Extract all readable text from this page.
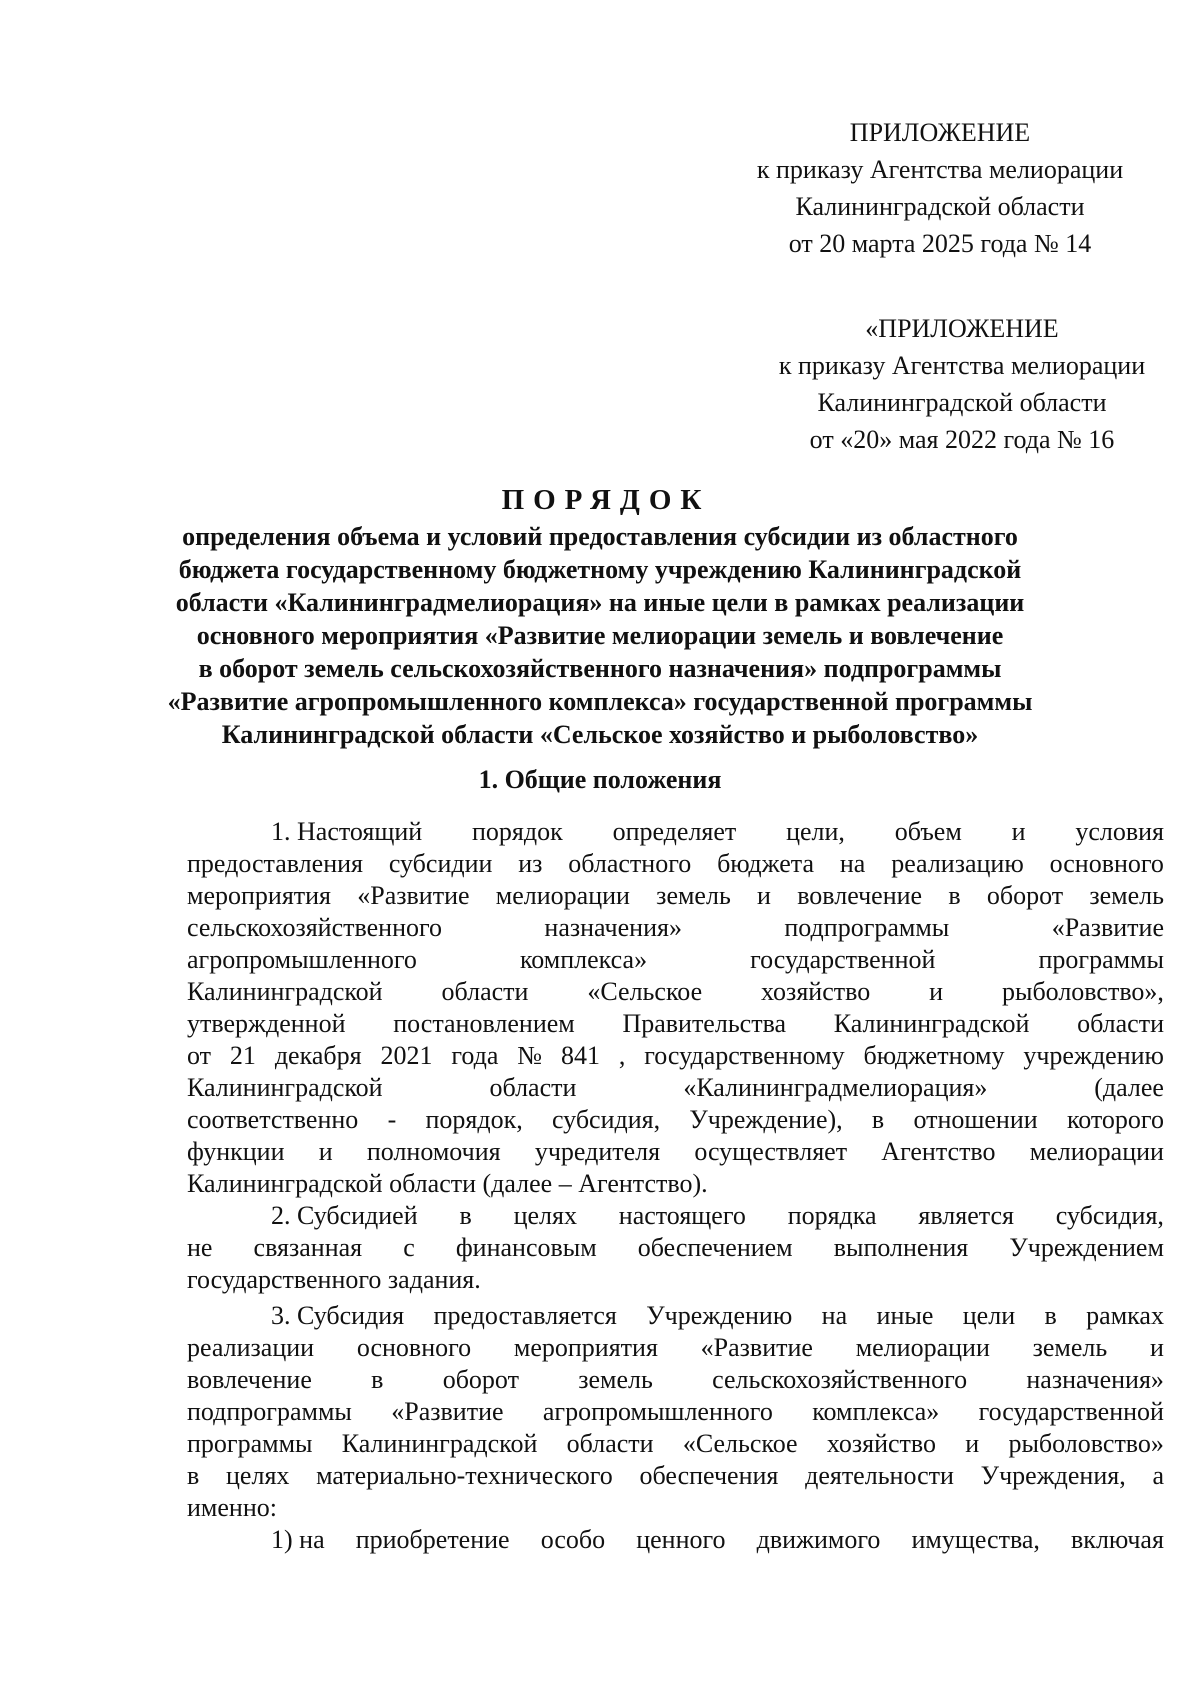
ПРИЛОЖЕНИЕ
к приказу Агентства мелиорации
Калининградской области
от 20 марта 2025 года № 14
«ПРИЛОЖЕНИЕ
к приказу Агентства мелиорации
Калининградской области
от «20» мая 2022 года № 16
ПОРЯДОК
определения объема и условий предоставления субсидии из областного
бюджета государственному бюджетному учреждению Калининградской
области «Калининградмелиорация» на иные цели в рамках реализации
основного мероприятия «Развитие мелиорации земель и вовлечение
в оборот земель сельскохозяйственного назначения» подпрограммы
«Развитие агропромышленного комплекса» государственной программы
Калининградской области «Сельское хозяйство и рыболовство»
1. Общие положения
1. Настоящий порядок определяет цели, объем и условия
предоставления субсидии из областного бюджета на реализацию основного
мероприятия «Развитие мелиорации земель и вовлечение в оборот земель
сельскохозяйственного	назначения»	подпрограммы	«Развитие
агропромышленного	комплекса»	государственной	программы
Калининградской области «Сельское хозяйство и рыболовство»,
утвержденной постановлением Правительства Калининградской области
от 21 декабря 2021 года № 841 , государственному бюджетному учреждению
Калининградской	области	«Калининградмелиорация»	(далее
соответственно - порядок, субсидия, Учреждение), в отношении которого
функции и полномочия учредителя осуществляет Агентство мелиорации
Калининградской области (далее – Агентство).
2. Субсидией в целях настоящего порядка является субсидия,
не связанная с финансовым обеспечением выполнения Учреждением
государственного задания.
3. Субсидия предоставляется Учреждению на иные цели в рамках
реализации основного мероприятия «Развитие мелиорации земель и
вовлечение в оборот земель сельскохозяйственного назначения»
подпрограммы «Развитие агропромышленного комплекса» государственной
программы Калининградской области «Сельское хозяйство и рыболовство»
в целях материально-технического обеспечения деятельности Учреждения, а
именно:
1) на приобретение особо ценного движимого имущества, включая
